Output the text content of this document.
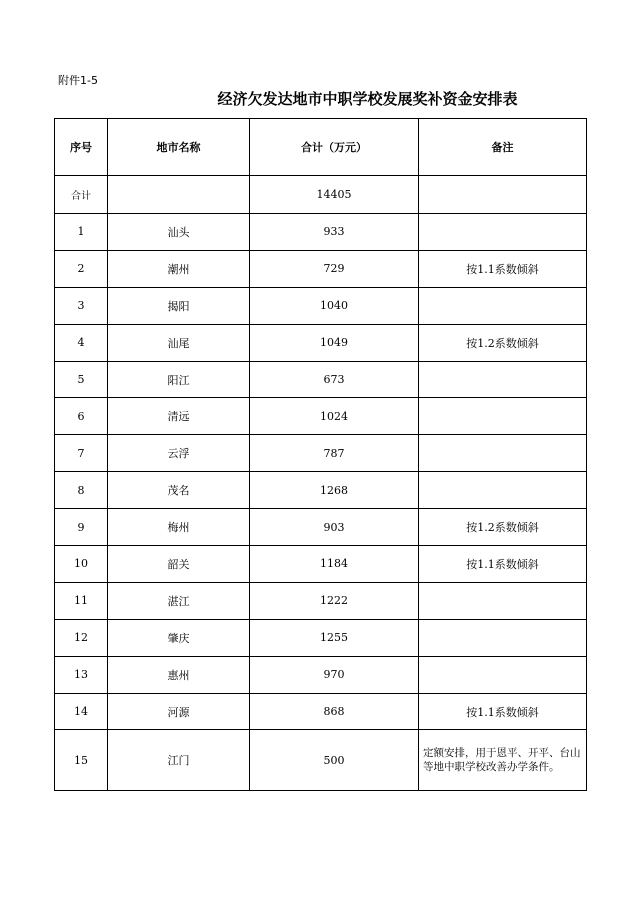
附件1-5
经济欠发达地市中职学校发展奖补资金安排表
序号	地市名称	合计（万元）	备注
合计		14405	
1	汕头	933	
2	潮州	729	按1.1系数倾斜
3	揭阳	1040	
4	汕尾	1049	按1.2系数倾斜
5	阳江	673	
6	清远	1024	
7	云浮	787	
8	茂名	1268	
9	梅州	903	按1.2系数倾斜
10	韶关	1184	按1.1系数倾斜
11	湛江	1222	
12	肇庆	1255	
13	惠州	970	
14	河源	868	按1.1系数倾斜
15	江门	500	定额安排，用于恩平、开平、台山等地中职学校改善办学条件。
